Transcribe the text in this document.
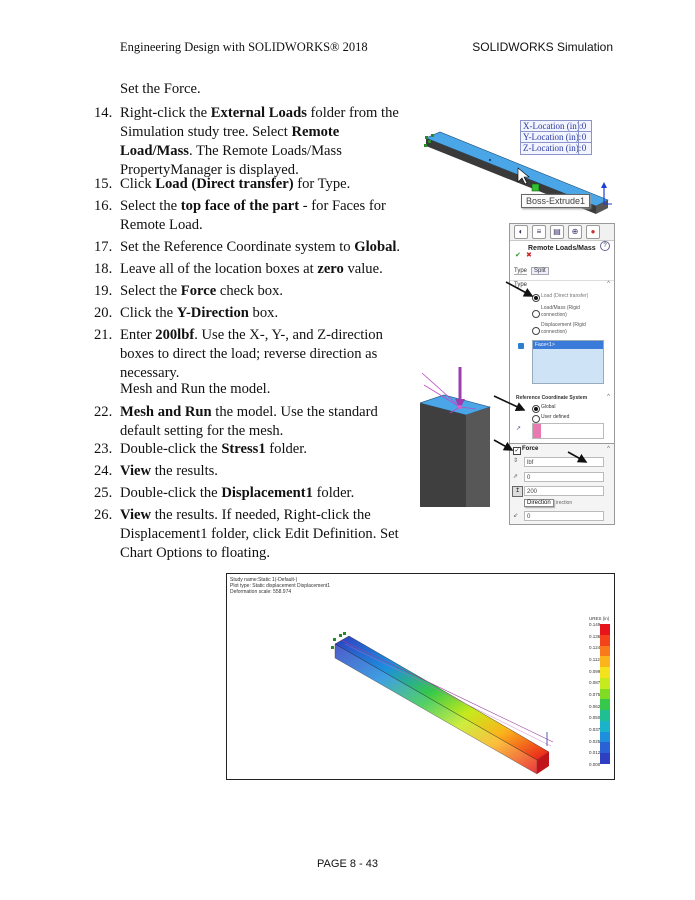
Engineering Design with SOLIDWORKS® 2018	SOLIDWORKS Simulation
Set the Force.
14. Right-click the External Loads folder from the
Simulation study tree. Select Remote
Load/Mass. The Remote Loads/Mass
PropertyManager is displayed.
15. Click Load (Direct transfer) for Type.
16. Select the top face of the part - for Faces for
Remote Load.
17. Set the Reference Coordinate system to Global.
18. Leave all of the location boxes at zero value.
19. Select the Force check box.
20. Click the Y-Direction box.
21. Enter 200lbf. Use the X-, Y-, and Z-direction
boxes to direct the load; reverse direction as
necessary.
Mesh and Run the model.
22. Mesh and Run the model. Use the standard
default setting for the mesh.
23. Double-click the Stress1 folder.
24. View the results.
25. Double-click the Displacement1 folder.
26. View the results. If needed, Right-click the
Displacement1 folder, click Edit Definition. Set
Chart Options to floating.
X-Location (in): 0
Y-Location (in): 0
Z-Location (in): 0
Boss-Extrude1
◐	≡	▤	⊕	●
Remote Loads/Mass	?
✔ ✖
Type	Split
Type	^
Load (Direct transfer)
Load/Mass (Rigid
connection)
Displacement (Rigid
connection)
Face<1>
Reference Coordinate System	^
Global
User defined
↗
✓ Force	^
⇕	lbf
⇗	0
↥	200
Direction	irection
⇙	0
Study name:Static 1(-Default-)
Plot type: Static displacement Displacement1
Deformation scale: 558.974
URES (in)
0.149
0.136
0.124
0.112
0.099
0.087
0.075
0.062
0.050
0.037
0.025
0.012
0.000
PAGE 8 - 43
